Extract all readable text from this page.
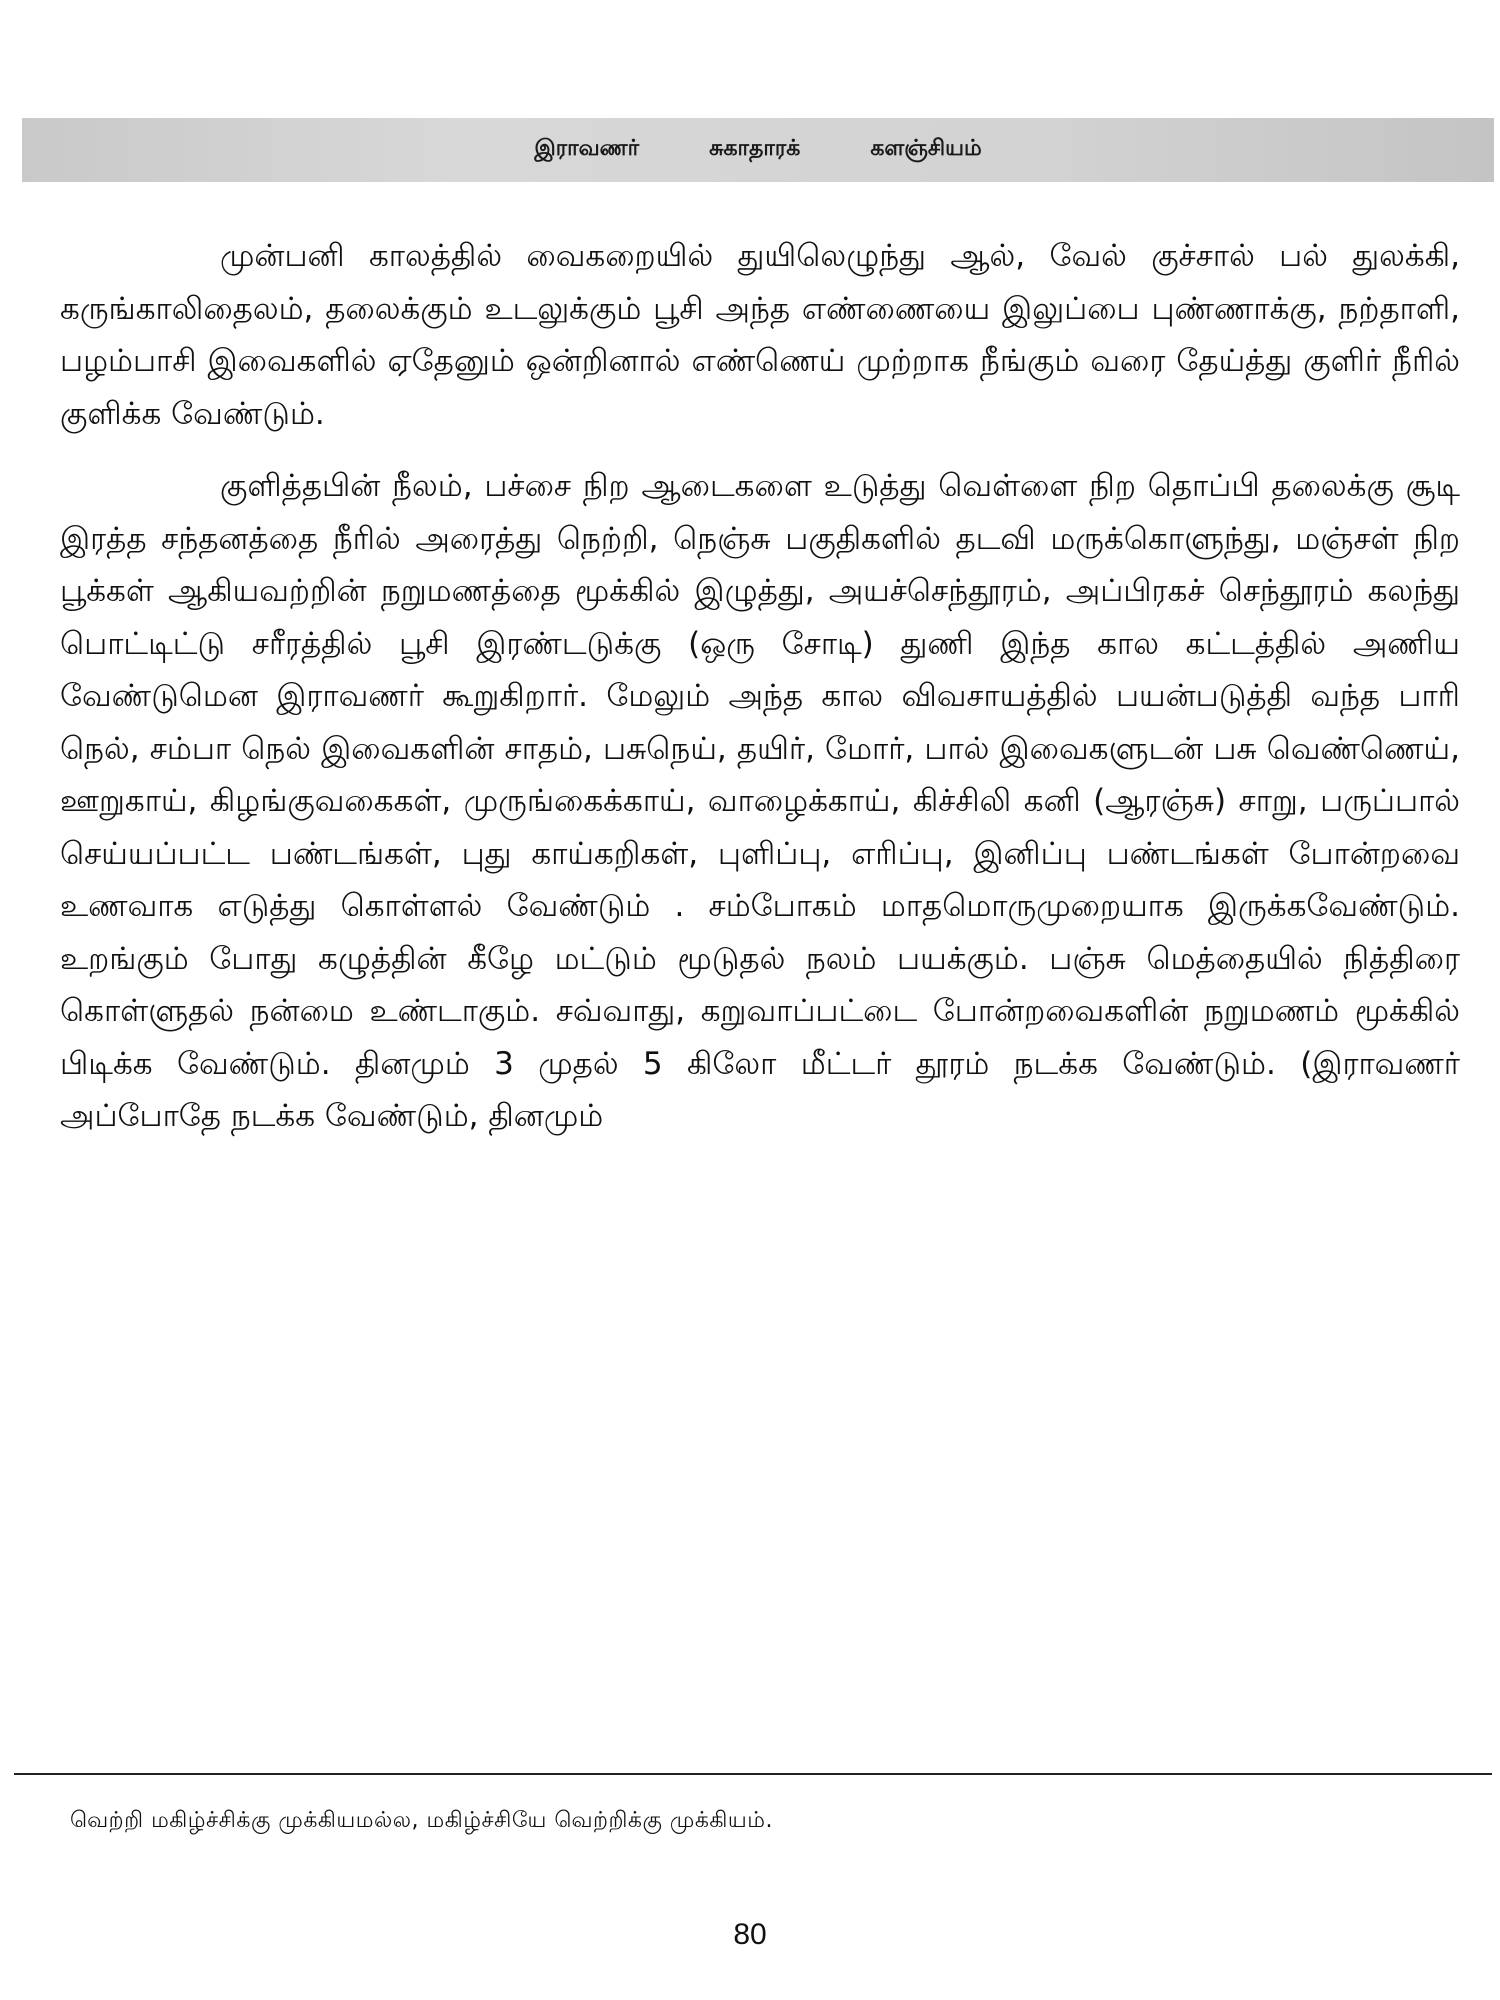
இராவணர்	சுகாதாரக்	களஞ்சியம்

முன்பனி காலத்தில் வைகறையில் துயிலெழுந்து ஆல், வேல் குச்சால் பல் துலக்கி, கருங்காலிதைலம், தலைக்கும் உடலுக்கும் பூசி அந்த எண்ணையை இலுப்பை புண்ணாக்கு, நற்தாளி, பழம்பாசி இவைகளில் ஏதேனும் ஒன்றினால் எண்ணெய் முற்றாக நீங்கும் வரை தேய்த்து குளிர் நீரில் குளிக்க வேண்டும்.

குளித்தபின் நீலம், பச்சை நிற ஆடைகளை உடுத்து வெள்ளை நிற தொப்பி தலைக்கு சூடி இரத்த சந்தனத்தை நீரில் அரைத்து நெற்றி, நெஞ்சு பகுதிகளில் தடவி மருக்கொளுந்து, மஞ்சள் நிற பூக்கள் ஆகியவற்றின் நறுமணத்தை மூக்கில் இழுத்து, அயச்செந்தூரம், அப்பிரகச் செந்தூரம் கலந்து பொட்டிட்டு சரீரத்தில் பூசி இரண்டடுக்கு (ஒரு சோடி) துணி இந்த கால கட்டத்தில் அணிய வேண்டுமென இராவணர் கூறுகிறார். மேலும் அந்த கால விவசாயத்தில் பயன்படுத்தி வந்த பாரி நெல், சம்பா நெல் இவைகளின் சாதம், பசுநெய், தயிர், மோர், பால் இவைகளுடன் பசு வெண்ணெய், ஊறுகாய், கிழங்குவகைகள், முருங்கைக்காய், வாழைக்காய், கிச்சிலி கனி (ஆரஞ்சு) சாறு, பருப்பால் செய்யப்பட்ட பண்டங்கள், புது காய்கறிகள், புளிப்பு, எரிப்பு, இனிப்பு பண்டங்கள் போன்றவை உணவாக எடுத்து கொள்ளல் வேண்டும் . சம்போகம் மாதமொருமுறையாக இருக்கவேண்டும். உறங்கும் போது கழுத்தின் கீழே மட்டும் மூடுதல் நலம் பயக்கும். பஞ்சு மெத்தையில் நித்திரை கொள்ளுதல் நன்மை உண்டாகும். சவ்வாது, கறுவாப்பட்டை போன்றவைகளின் நறுமணம் மூக்கில் பிடிக்க வேண்டும். தினமும் 3 முதல் 5 கிலோ மீட்டர் தூரம் நடக்க வேண்டும். (இராவணர் அப்போதே நடக்க வேண்டும், தினமும்

வெற்றி மகிழ்ச்சிக்கு முக்கியமல்ல, மகிழ்ச்சியே வெற்றிக்கு முக்கியம்.
80
